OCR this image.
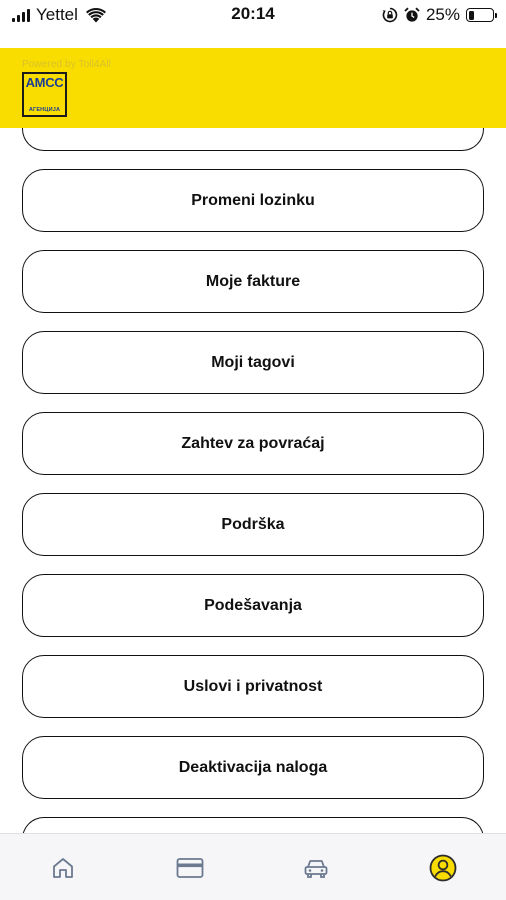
Yettel	20:14	25%
Powered by Toll4All
AMCC
АГЕНЦИЈА
Promeni lozinku
Moje fakture
Moji tagovi
Zahtev za povraćaj
Podrška
Podešavanja
Uslovi i privatnost
Deaktivacija naloga
